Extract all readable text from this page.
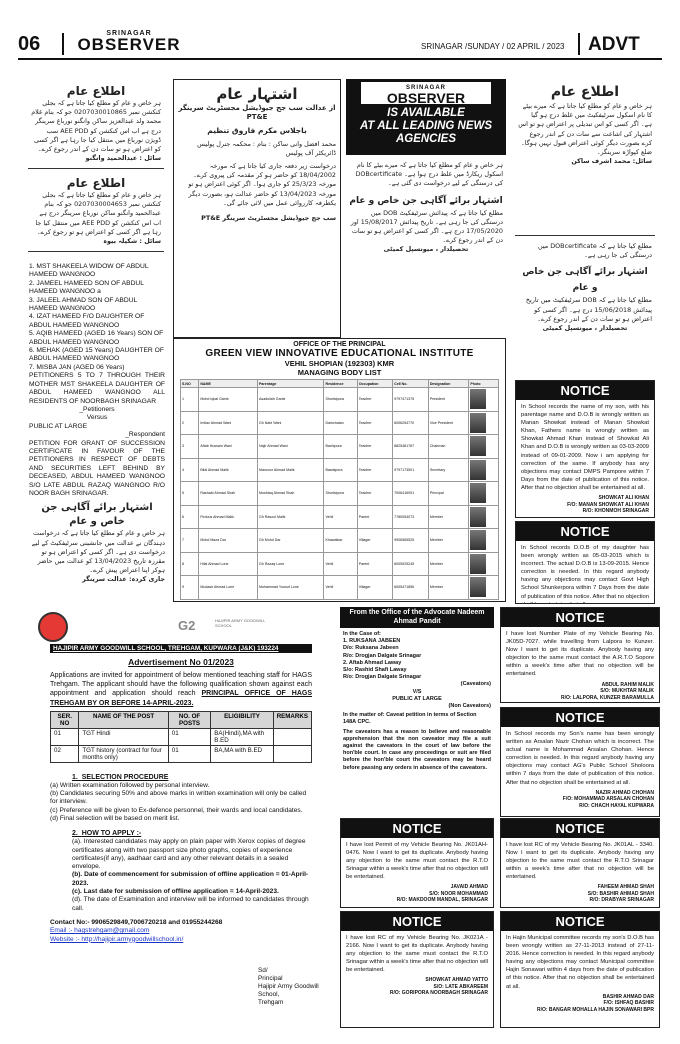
06	SRINAGAR
OBSERVER	SRINAGAR /SUNDAY / 02 APRIL / 2023 ADVT
اطلاع عام
ہر خاص و عام کو مطلع کیا جاتا ہے کہ بجلی کنکشن نمبر 0207030010865 جو کہ بنام غلام محمد ولد عبدالعزیز ساکن وانگنو نورباغ سرینگر درج ہے اب اس کنکشن کو AEE PDD سب ڈویژن نورباغ میں منتقل کیا جا رہا ہے اگر کسی کو اعتراض ہو تو سات دن کے اندر رجوع کرے۔
سائل : عبدالحمید وانگنو
اطلاع عام
ہر خاص و عام کو مطلع کیا جاتا ہے کہ بجلی کنکشن نمبر 0207030004653 جو کہ بنام عبدالحمید وانگنو ساکن نورباغ سرینگر درج ہے اب اس کنکشن کو AEE PDD میں منتقل کیا جا رہا ہے اگر کسی کو اعتراض ہو تو رجوع کرے۔
سائل : شکیلہ بیوہ
1. MST SHAKEELA WIDOW OF ABDUL HAMEED WANGNOO
2. JAMEEL HAMEED SON OF ABDUL HAMEED WANGNOO a
3. JALEEL AHMAD SON OF ABDUL HAMEED WANGNOO
4. IZAT HAMEED F/O DAUGHTER OF ABDUL HAMEED WANGNOO
5. AQIB HAMEED (AGED 16 Years) SON OF ABDUL HAMEED WANGNOO
6. MEHAK (AGED 15 Years) DAUGHTER OF ABDUL HAMEED WANGNOO
7. MISBA JAN (AGED 06 Years)
PETITIONERS 5 TO 7 THROUGH THEIR MOTHER MST SHAKEELA DAUGHTER OF ABDUL HAMEED WANGNOO ALL RESIDENTS OF NOORBAGH SRINAGAR
_Petitioners
Versus
PUBLIC AT LARGE
_Respondent
PETITION FOR GRANT OF SUCCESSION CERTIFICATE IN FAVOUR OF THE PETITIONERS IN RESPECT OF DEBTS AND SECURITIES LEFT BEHIND BY DECEASED, ABDUL HAMEED WANGNOO S/O LATE ABDUL RAZAQ WANGNOO R/O NOOR BAGH SRINAGAR.
اشتہار برائے آگاہی جن خاص و عام
ہر خاص و عام کو مطلع کیا جاتا ہے کہ درخواست دہندگان نے عدالت میں جانشینی سرٹیفکیٹ کے لیے درخواست دی ہے۔ اگر کسی کو اعتراض ہو تو مقررہ تاریخ 13/04/2023 کو عدالت میں حاضر ہوکر اپنا اعتراض پیش کرے۔
جاری کردہ: عدالت سرینگر
اشتہار عام
از عدالت سب جج جیوڈیشل مجسٹریٹ سرینگر PT&E
باجلاس مکرم فاروق تنظیم
محمد افضل وانی ساکن : بنام : محکمہ جنرل پولیس ڈائریکٹر آف پولیس
درخواست زیر دفعہ جاری کیا جاتا ہے کہ مورخہ 18/04/2002 کو حاضر ہو کر مقدمہ کی پیروی کرے۔ مورخہ 25/3/23 کو جاری ہوا۔ اگر کوئی اعتراض ہو تو مورخہ 13/04/2023 کو حاضر عدالت ہو، بصورت دیگر یکطرفہ کارروائی عمل میں لائی جائے گی۔
سب جج جیوڈیشل مجسٹریٹ سرینگر PT&E
SRINAGAR
OBSERVER
IS AVAILABLE
AT ALL LEADING NEWS
AGENCIES
ہر خاص و عام کو مطلع کیا جاتا ہے کہ میرے بیٹے کا نام اسکول ریکارڈ میں غلط درج ہوا ہے۔ DOBcertificate کی درستگی کے لیے درخواست دی گئی ہے۔
اشتہار برائے آگاہی جن خاص و عام
مطلع کیا جاتا ہے کہ پیدائش سرٹیفکیٹ DOB میں درستگی کی جا رہی ہے۔ تاریخ پیدائش 15/08/2017 اور 17/05/2020 درج ہے۔ اگر کسی کو اعتراض ہو تو سات دن کے اندر رجوع کرے۔
تحصیلدار ، میونسپل کمیٹی
اطلاع عام
ہر خاص و عام کو مطلع کیا جاتا ہے کہ میرے بیٹے کا نام اسکول سرٹیفکیٹ میں غلط درج ہو گیا ہے۔ اگر کسی کو اس تبدیلی پر اعتراض ہو تو اس اشتہار کی اشاعت سے سات دن کے اندر رجوع کرے بصورت دیگر کوئی اعتراض قبول نہیں ہوگا۔ ضلع کپواڑہ سرینگر۔
سائل: محمد اشرف ساکن
مطلع کیا جاتا ہے کہ DOBcertificate میں درستگی کی جا رہی ہے۔
اشتہار برائے آگاہی جن خاص و عام
مطلع کیا جاتا ہے کہ DOB سرٹیفکیٹ میں تاریخ پیدائش 15/06/2018 درج ہے۔ اگر کسی کو اعتراض ہو تو سات دن کے اندر رجوع کرے۔
تحصیلدار ، میونسپل کمیٹی
OFFICE OF THE PRINCIPAL
GREEN VIEW INNOVATIVE EDUCATIONAL INSTITUTE
VEHIL SHOPIAN (192303) KMR
MANAGING BODY LIST
S.NO	NAME	Parentage	Residence	Occupation	Cell No.	Designation	Photo
1	Mohd Iqbal Ganie	Asadullah Ganie	Shuristpora	Teacher	9797471375	President	

2	Imtiaz Ahmad Wani	Gh Nabi Wani	Damchalan	Teacher	6006254770	Vice President	

3	Aftab Hussain Wani	Najir Ahmad Wani	Bachipora	Teacher	8825481787	Chairman	

4	Bilal Ahmad Malik	Manzoor Ahmad Malik	Bawalpora	Teacher	9797173501	Secretary	

5	Rashaid Ahmad Shah	Mushtaq Ahmad Shah	Shuristpora	Teacher	7006416051	Principal	

6	Firdous Ahmad Malik	Gh Rasool Malik	Vehil	Parent	7780054073	Member	

7	Mohd Maza Dar	Gh Mohd Dar	Khawaibar	Villager	9906565525	Member	

8	Hilal Ahmad Lone	Gh Razaq Lone	Vehil	Parent	6005925245	Member	

9	Mudasir Ahmad Lone	Mohammad Yousuf Lone	Vehil	Villager	6005471856	Member	
NOTICE
In School records the name of my son, with his parentage name and D.O.B is wrongly written as Manan Showkat instead of Manan Showkat Khan, Fathers name is wrongly written as Showkat Ahmad Khan instead of Showkat Ali Khan and D.O.B is wrongly written as 03-03-2009 instead of 09-01-2009. Now i am applying for correction of the same. If anybody has any objections may contact DMPS Pampore within 7 Days from the date of publication of this notice. After that no objection shall be entertained at all.
SHOWKAT ALI KHAN
F/O: MANAN SHOWKAT ALI KHAN
R/O: KHONMOH SRINAGAR
NOTICE
In School records D.O.B of my daughter has been wrongly written as 05-03-2015 which is incorrect. The actual D.O.B is 13-09-2015. Hence correction is needed. In this regard anybody having any objections may contact Govt High School Shunkerpora within 7 Days from the date of publication of this notice. After that no objection
NOTICE
I have lost Number Plate of my Vehicle Bearing No. JK05D-7027. while travelling from Lalpora to Kunzer. Now I want to get its duplicate. Anybody having any objection to the same must contact the A.R.T.O Sopore within a week's time after that no objection will be entertained.
ABDUL RAHIM MALIK
S/O: MUKHTAR MALIK
R/O: LALPORA, KUNZER BARAMULLA
NOTICE
In School records my Son's name has been wrongly written as Arsalan Nazir Chohan which is incorrect. The actual name is Mohammad Arsalan Chohan. Hence correction is needed. In this regard anybody having any objections may contact AG's Public School Sholoora within 7 days from the date of publication of this notice. After that no objection shall be entertained at all.
NAZIR AHMAD CHOHAN
F/O: MOHAMMAD ARSALAN CHOHAN
R/O: CHACH HAYAL KUPWARA
G2	HAJIPIR ARMY GOODWILL SCHOOL
HAJIPIR ARMY GOODWILL SCHOOL, TREHGAM, KUPWARA (J&K) 193224
Advertisement No 01/2023
Applications are invited for appointment of below mentioned teaching staff for HAGS Trehgam. The applicant should have the following qualification shown against each appointment and application should reach PRINCIPAL OFFICE OF HAGS TREHGAM BY OR BEFORE 14-APRIL-2023.
SER. NO	NAME OF THE POST	NO. OF POSTS	ELIGIBILITY	REMARKS
01	TGT Hindi	01	BA(Hindi),MA with B.ED	
02	TGT history (contract for four months only)	01	BA,MA with B.ED	
1.  SELECTION PROCEDURE
(a) Written examination followed by personal interview.
(b) Candidates securing 50% and above marks in written examination will only be called for interview.
(c) Preference will be given to Ex-defence personnel, their wards and local candidates.
(d) Final selection will be based on merit list.
2.  HOW TO APPLY :-
(a). Interested candidates may apply on plain paper with Xerox copies of degree certificates along with two passport size photo graphs, copies of experience certificates(if any), aadhaar card and any other relevant details in a sealed envelope.
(b). Date of commencement for submission of offline application = 01-April-2023.
(c). Last date for submission of offline application = 14-April-2023.
(d). The date of Examination and interview will be informed to candidates through call.
Contact No:- 9906529849,7006720218 and 01955244268
Email :- hagstrehgam@gmail.com
Website :- http://hajipir.armygoodwillschool.in/
Sd/
Principal
Hajipir Army Goodwill School,
Trehgam
From the Office of the Advocate Nadeem Ahmad Pandit
In the Case of:
1. RUKSANA JABEEN
D/o: Ruksana Jabeen
R/o: Drogjan Dalgate Srinagar
2. Aftab Ahmad Laway
S/o: Rashid Shafi Laway
R/o: Drogjan Dalgate Srinagar
(Caveators)
V/S
PUBLIC AT LARGE
(Non Caveators)
In the matter of: Caveat petition in terms of Section 148A CPC.
The caveators has a reason to believe and reasonable apprehension that the non caveator may file a suit against the caveators in the court of law before the hon'ble court. In case any proceedings or suit are filed before the hon'ble court the caveators may be heard before passing any orders in absence of the caveators.
NOTICE
I have lost Permit of my Vehicle Bearing No. JK01AH-0476. Now I want to get its duplicate. Anybody having any objection to the same must contact the R.T.O Srinagar within a week's time after that no objection will be entertained.
JAVAID AHMAD
S/O: NOOR MOHAMMAD
R/O: MAKDOOM MANDAL, SRINAGAR
NOTICE
I have lost RC of my Vehicle Bearing No. JK021A - 2166. Now I want to get its duplicate. Anybody having any objection to the same must contact the R.T.O Srinagar within a week's time after that no objection will be entertained.
SHOWKAT AHMAD YATTO
S/O: LATE ABKAREEM
R/O: GORIPORA NOORBAGH SRINAGAR
NOTICE
I have lost RC of my Vehicle Bearing No. JK01AL - 3340. Now I want to get its duplicate. Anybody having any objection to the same must contact the R.T.O Srinagar within a week's time after that no objection will be entertained.
FAHEEM AHMAD SHAH
S/O: BASHIR AHMAD SHAH
R/O: DRABYAR SRINAGAR
NOTICE
In Hajin Municipal committee records my son's D.O.B has been wrongly written as 27-11-2013 instead of 27-11-2016. Hence correction is needed. In this regard anybody having any objections may contact Municipal committee Hajin Sonawari within 4 days from the date of publication of this notice. After that no objection shall be entertained at all.
BASHIR AHMAD DAR
F/O: ISHFAQ BASHIR
R/O: BANGAR MOHALLA HAJIN SONAWARI BPR
